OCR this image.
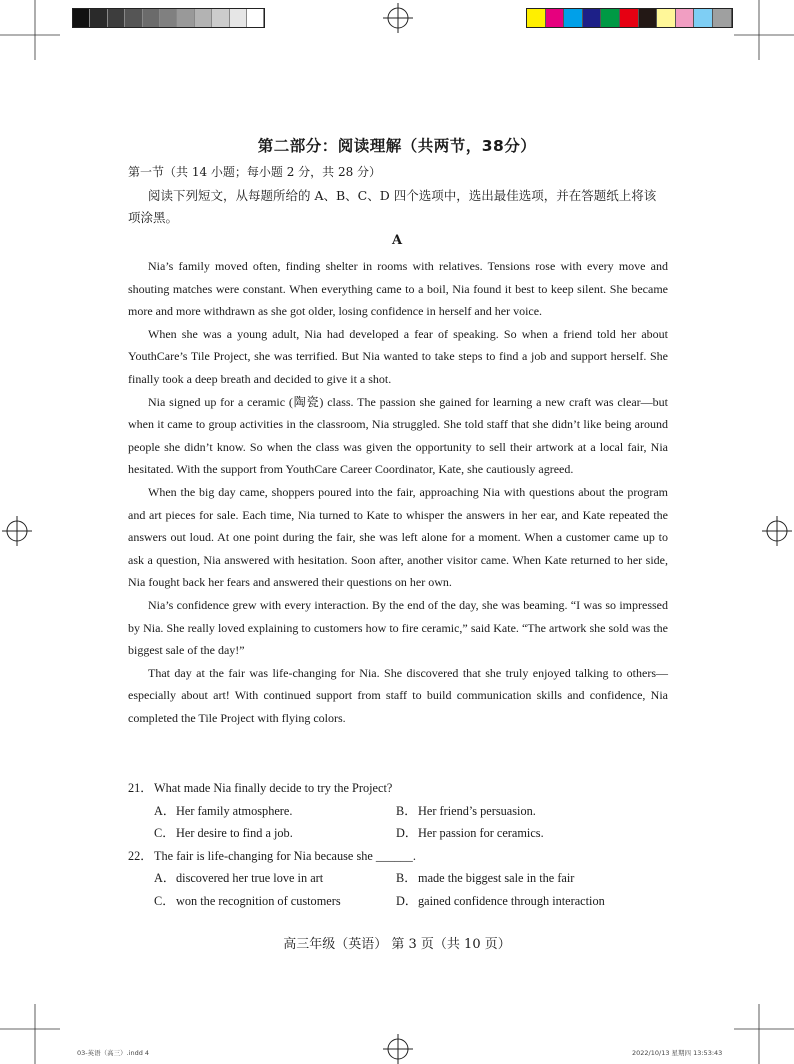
第二部分：阅读理解（共两节，38分）
第一节（共 14 小题；每小题 2 分，共 28 分）
阅读下列短文，从每题所给的 A、B、C、D 四个选项中，选出最佳选项，并在答题纸上将该项涂黑。
A

Nia’s family moved often, finding shelter in rooms with relatives. Tensions rose with every move and shouting matches were constant. When everything came to a boil, Nia found it best to keep silent. She became more and more withdrawn as she got older, losing confidence in herself and her voice.

When she was a young adult, Nia had developed a fear of speaking. So when a friend told her about YouthCare’s Tile Project, she was terrified. But Nia wanted to take steps to find a job and support herself. She finally took a deep breath and decided to give it a shot.

Nia signed up for a ceramic (陶瓷) class. The passion she gained for learning a new craft was clear—but when it came to group activities in the classroom, Nia struggled. She told staff that she didn’t like being around people she didn’t know. So when the class was given the opportunity to sell their artwork at a local fair, Nia hesitated. With the support from YouthCare Career Coordinator, Kate, she cautiously agreed.

When the big day came, shoppers poured into the fair, approaching Nia with questions about the program and art pieces for sale. Each time, Nia turned to Kate to whisper the answers in her ear, and Kate repeated the answers out loud. At one point during the fair, she was left alone for a moment. When a customer came up to ask a question, Nia answered with hesitation. Soon after, another visitor came. When Kate returned to her side, Nia fought back her fears and answered their questions on her own.

Nia’s confidence grew with every interaction. By the end of the day, she was beaming. “I was so impressed by Nia. She really loved explaining to customers how to fire ceramic,” said Kate. “The artwork she sold was the biggest sale of the day!”

That day at the fair was life-changing for Nia. She discovered that she truly enjoyed talking to others—especially about art! With continued support from staff to build communication skills and confidence, Nia completed the Tile Project with flying colors.

21．What made Nia finally decide to try the Project?
A．Her family atmosphere.	B． Her friend’s persuasion.
C． Her desire to find a job.	D．Her passion for ceramics.
22．The fair is life-changing for Nia because she ______.
A．discovered her true love in art	B． made the biggest sale in the fair
C． won the recognition of customers	D．gained confidence through interaction
高三年级（英语） 第 3 页（共 10 页）
03-英语（高三）.indd 4	2022/10/13 星期四 13:53:43
